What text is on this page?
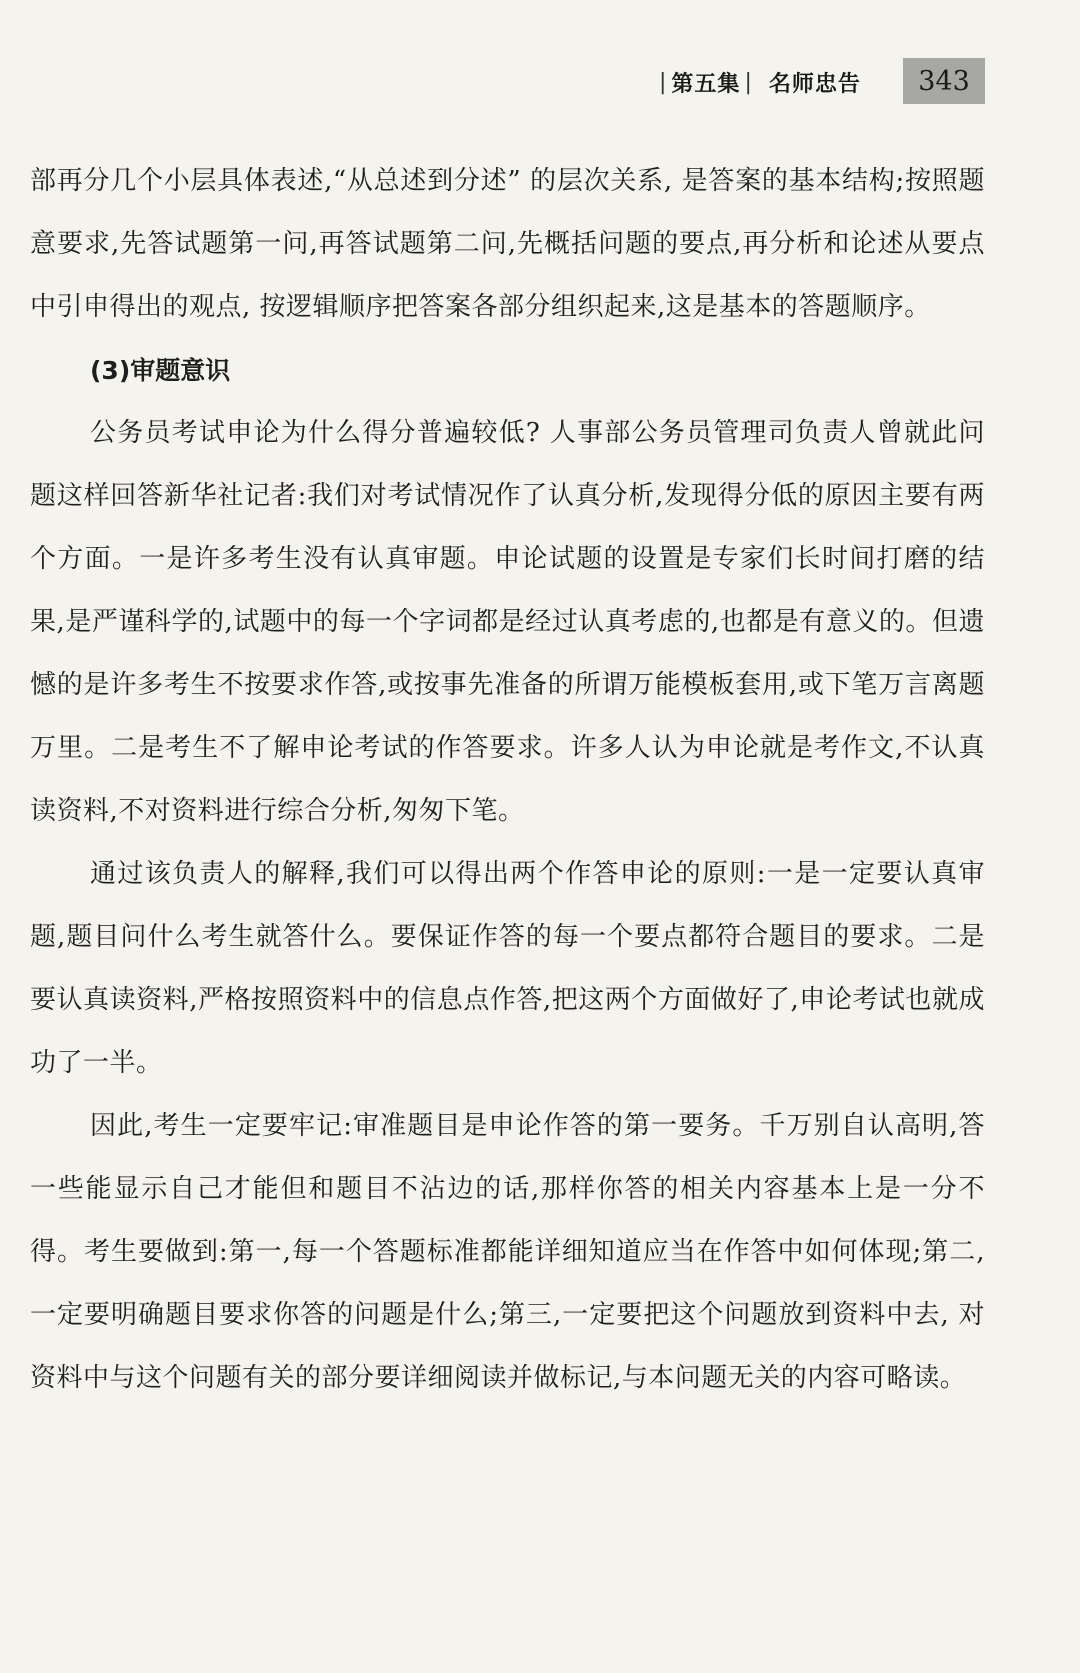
| 第五集 | 名师忠告	343

部再分几个小层具体表述,“从总述到分述” 的层次关系, 是答案的基本结构;按照题意要求,先答试题第一问,再答试题第二问,先概括问题的要点,再分析和论述从要点中引申得出的观点, 按逻辑顺序把答案各部分组织起来,这是基本的答题顺序。

(3)审题意识

公务员考试申论为什么得分普遍较低? 人事部公务员管理司负责人曾就此问题这样回答新华社记者:我们对考试情况作了认真分析,发现得分低的原因主要有两个方面。一是许多考生没有认真审题。申论试题的设置是专家们长时间打磨的结果,是严谨科学的,试题中的每一个字词都是经过认真考虑的,也都是有意义的。但遗憾的是许多考生不按要求作答,或按事先准备的所谓万能模板套用,或下笔万言离题万里。二是考生不了解申论考试的作答要求。许多人认为申论就是考作文,不认真读资料,不对资料进行综合分析,匆匆下笔。

通过该负责人的解释,我们可以得出两个作答申论的原则:一是一定要认真审题,题目问什么考生就答什么。要保证作答的每一个要点都符合题目的要求。二是要认真读资料,严格按照资料中的信息点作答,把这两个方面做好了,申论考试也就成功了一半。

因此,考生一定要牢记:审准题目是申论作答的第一要务。千万别自认高明,答一些能显示自己才能但和题目不沾边的话,那样你答的相关内容基本上是一分不得。考生要做到:第一,每一个答题标准都能详细知道应当在作答中如何体现;第二,一定要明确题目要求你答的问题是什么;第三,一定要把这个问题放到资料中去, 对资料中与这个问题有关的部分要详细阅读并做标记,与本问题无关的内容可略读。
